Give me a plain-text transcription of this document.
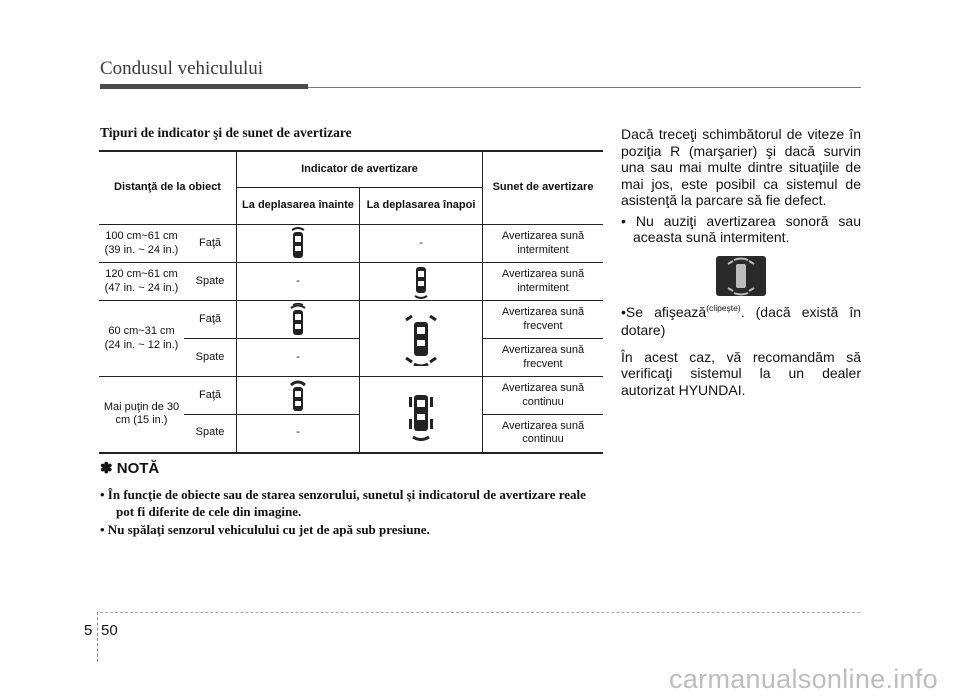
Condusul vehiculului
Tipuri de indicator şi de sunet de avertizare
Distanţă de la obiect		Indicator de avertizare		Sunet de avertizare
		La deplasarea înainte	La deplasarea înapoi	
100 cm~61 cm (39 in. ~ 24 in.)	Faţă		-	Avertizarea sună intermitent
120 cm~61 cm (47 in. ~ 24 in.)	Spate	-		Avertizarea sună intermitent
60 cm~31 cm (24 in. ~ 12 in.)	Faţă			Avertizarea sună frecvent
	Spate	-		Avertizarea sună frecvent
Mai puţin de 30 cm (15 in.)	Faţă			Avertizarea sună continuu
	Spate	-		Avertizarea sună continuu
✽ NOTĂ
• În funcţie de obiecte sau de starea senzorului, sunetul şi indicatorul de avertizare reale pot fi diferite de cele din imagine.
• Nu spălaţi senzorul vehiculului cu jet de apă sub presiune.

Dacă treceţi schimbătorul de viteze în poziţia R (marşarier) şi dacă survin una sau mai multe dintre situaţiile de mai jos, este posibil ca sistemul de asistenţă la parcare să fie defect.

• Nu auziţi avertizarea sonoră sau aceasta sună intermitent.

•Se afişează$^{(clipeşte)}$. (dacă există în dotare)

În acest caz, vă recomandăm să verificaţi sistemul la un dealer autorizat HYUNDAI.

5 50
carmanualsonline.info
